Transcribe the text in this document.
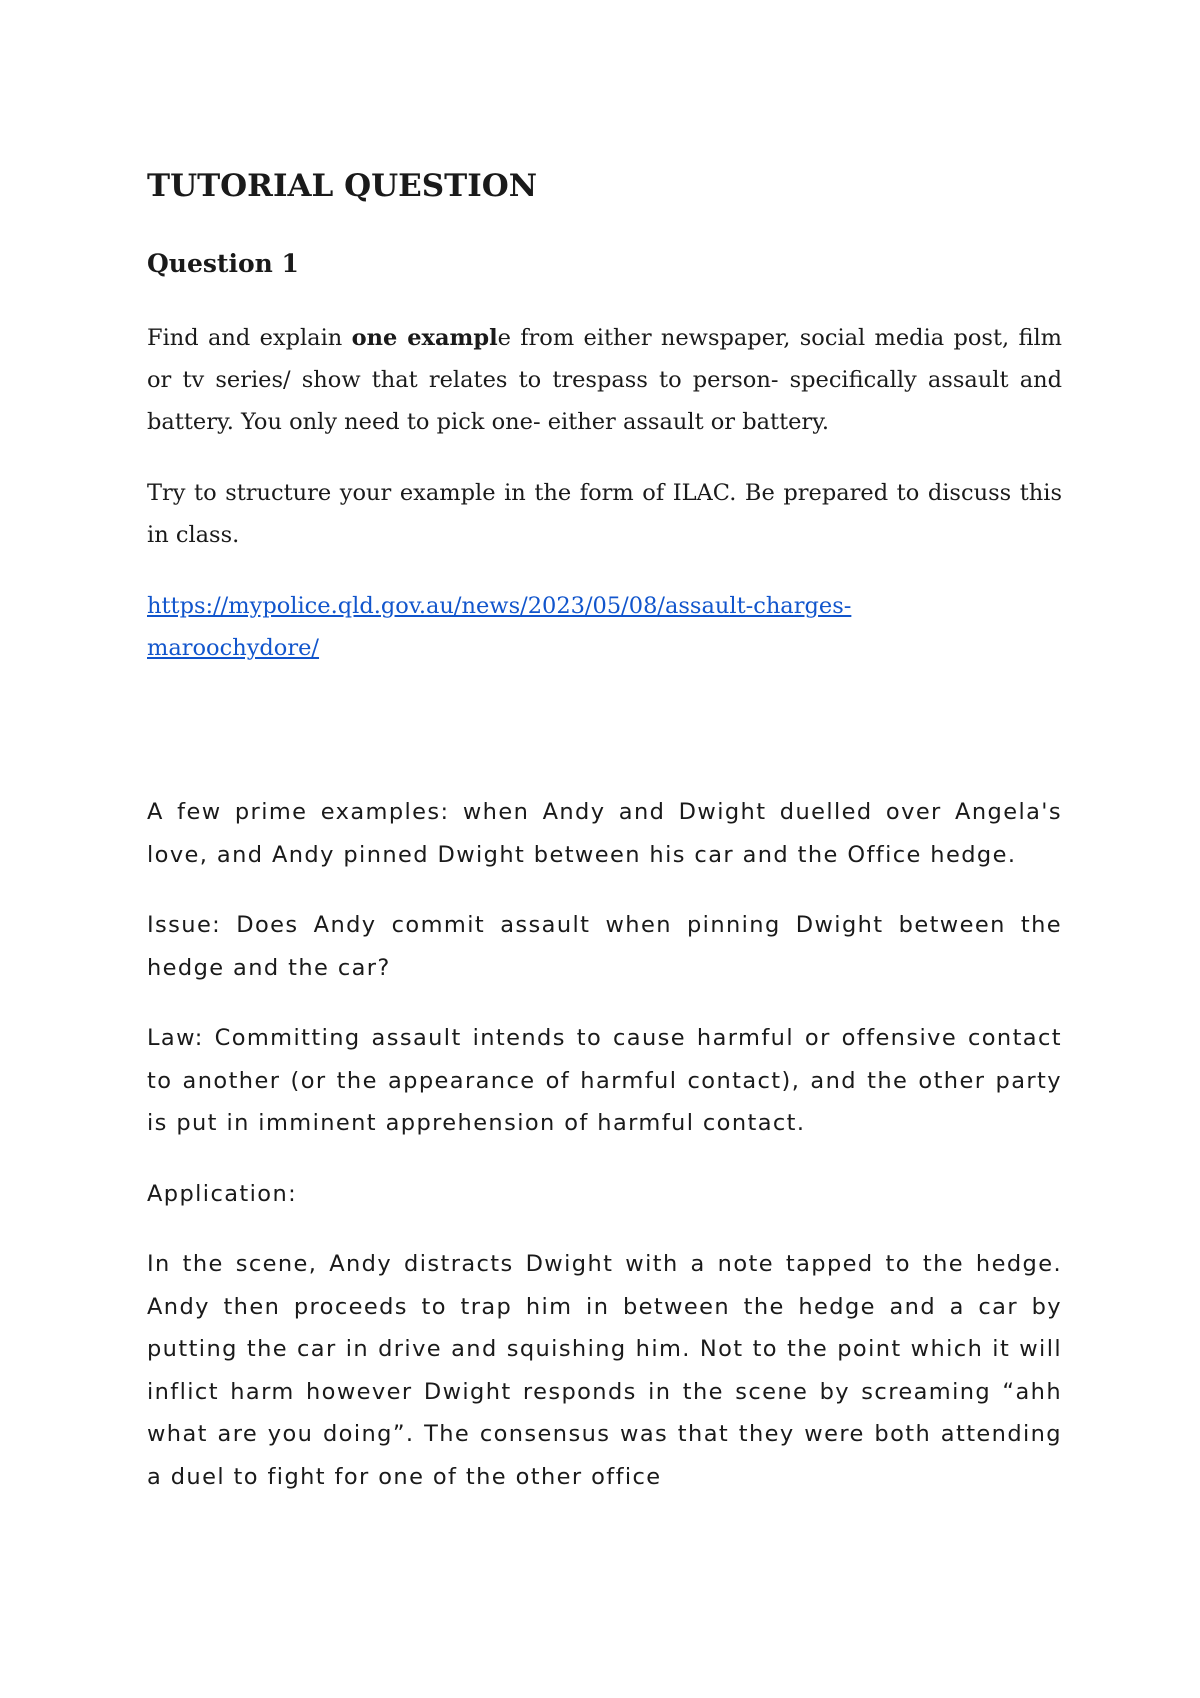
TUTORIAL QUESTION
Question 1

Find and explain one example from either newspaper, social media post, film or tv series/ show that relates to trespass to person- specifically assault and battery. You only need to pick one- either assault or battery.

Try to structure your example in the form of ILAC. Be prepared to discuss this in class.

https://mypolice.qld.gov.au/news/2023/05/08/assault-charges-
maroochydore/

A few prime examples: when Andy and Dwight duelled over Angela's love, and Andy pinned Dwight between his car and the Office hedge.

Issue: Does Andy commit assault when pinning Dwight between the hedge and the car?

Law: Committing assault intends to cause harmful or offensive contact to another (or the appearance of harmful contact), and the other party is put in imminent apprehension of harmful contact.

Application:

In the scene, Andy distracts Dwight with a note tapped to the hedge. Andy then proceeds to trap him in between the hedge and a car by putting the car in drive and squishing him. Not to the point which it will inflict harm however Dwight responds in the scene by screaming “ahh what are you doing”. The consensus was that they were both attending a duel to fight for one of the other office
